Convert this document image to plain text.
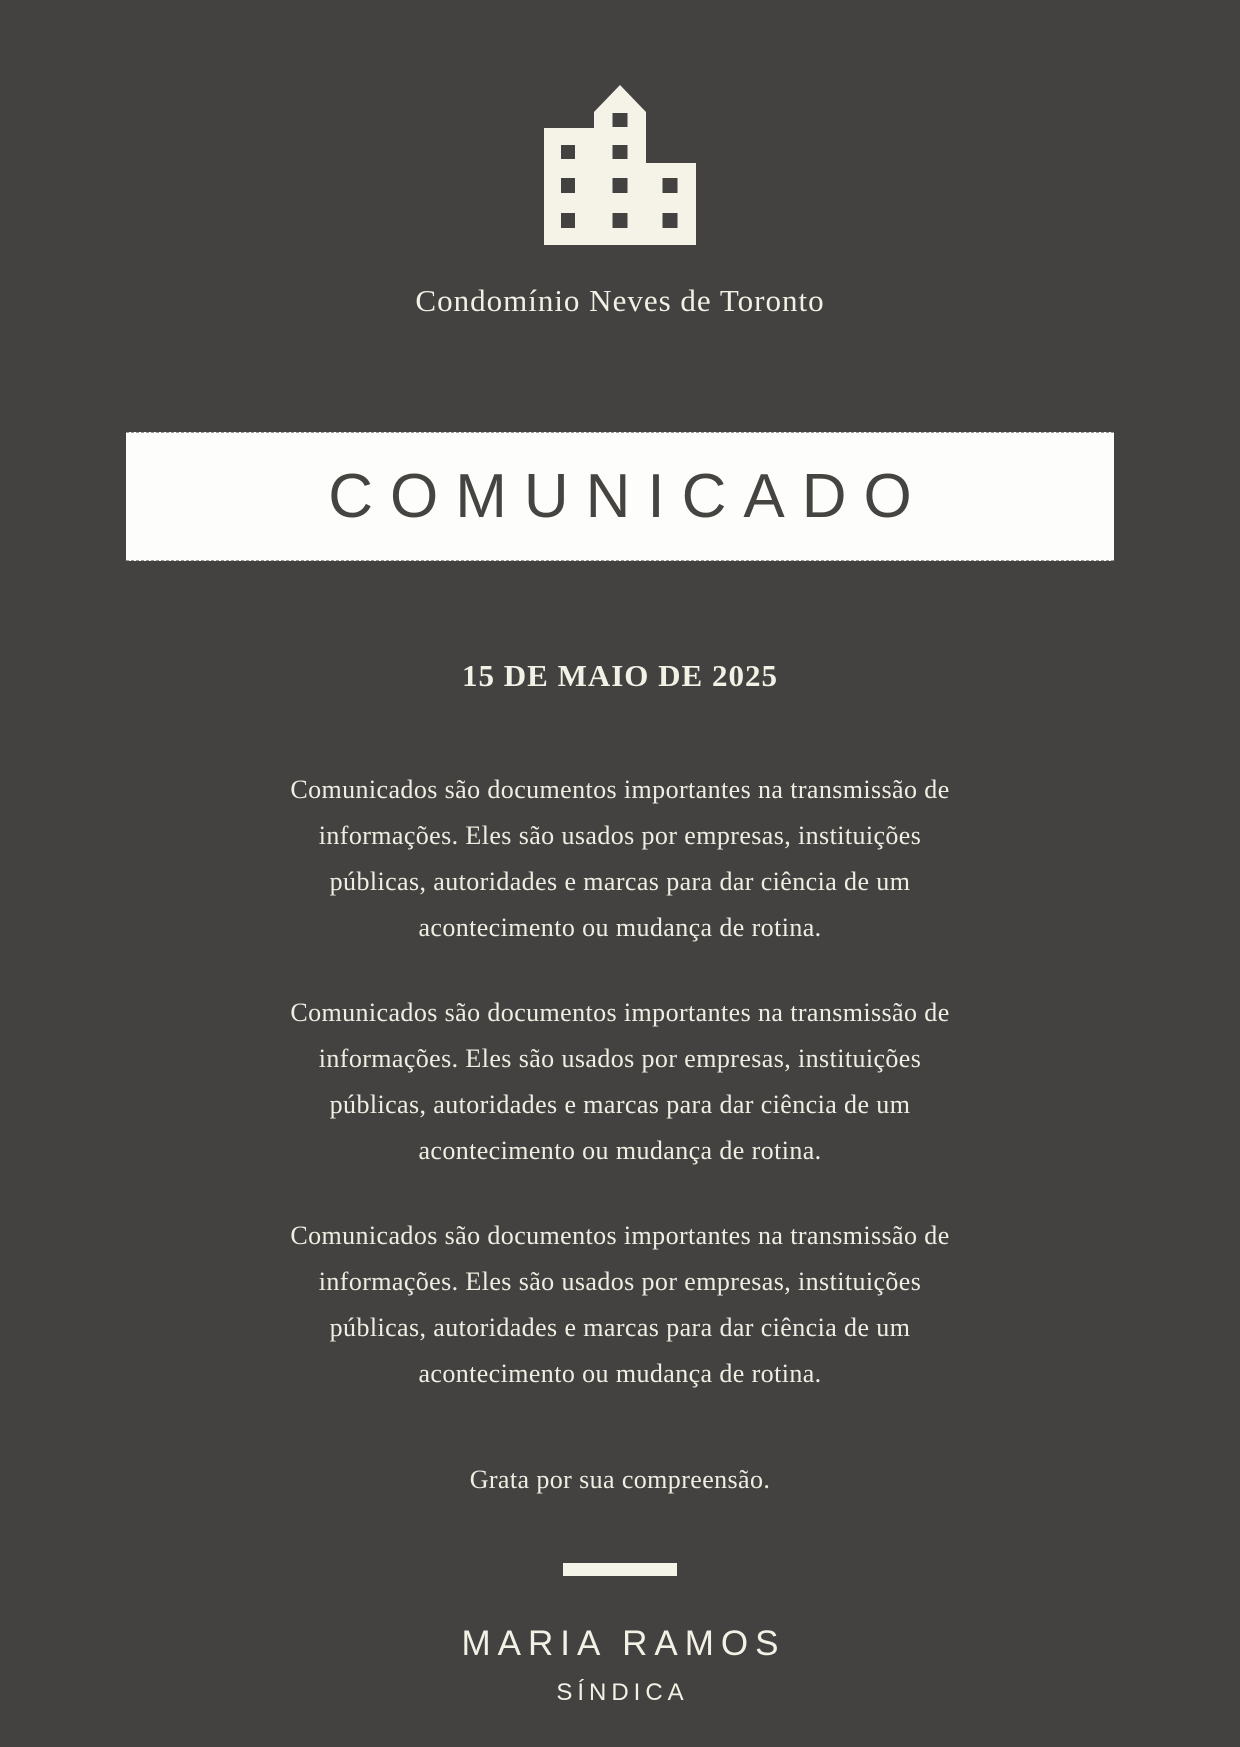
Condomínio Neves de Toronto
COMUNICADO
15 DE MAIO DE 2025
Comunicados são documentos importantes na transmissão de
informações. Eles são usados por empresas, instituições
públicas, autoridades e marcas para dar ciência de um
acontecimento ou mudança de rotina.
Comunicados são documentos importantes na transmissão de
informações. Eles são usados por empresas, instituições
públicas, autoridades e marcas para dar ciência de um
acontecimento ou mudança de rotina.
Comunicados são documentos importantes na transmissão de
informações. Eles são usados por empresas, instituições
públicas, autoridades e marcas para dar ciência de um
acontecimento ou mudança de rotina.
Grata por sua compreensão.
MARIA RAMOS
SÍNDICA
